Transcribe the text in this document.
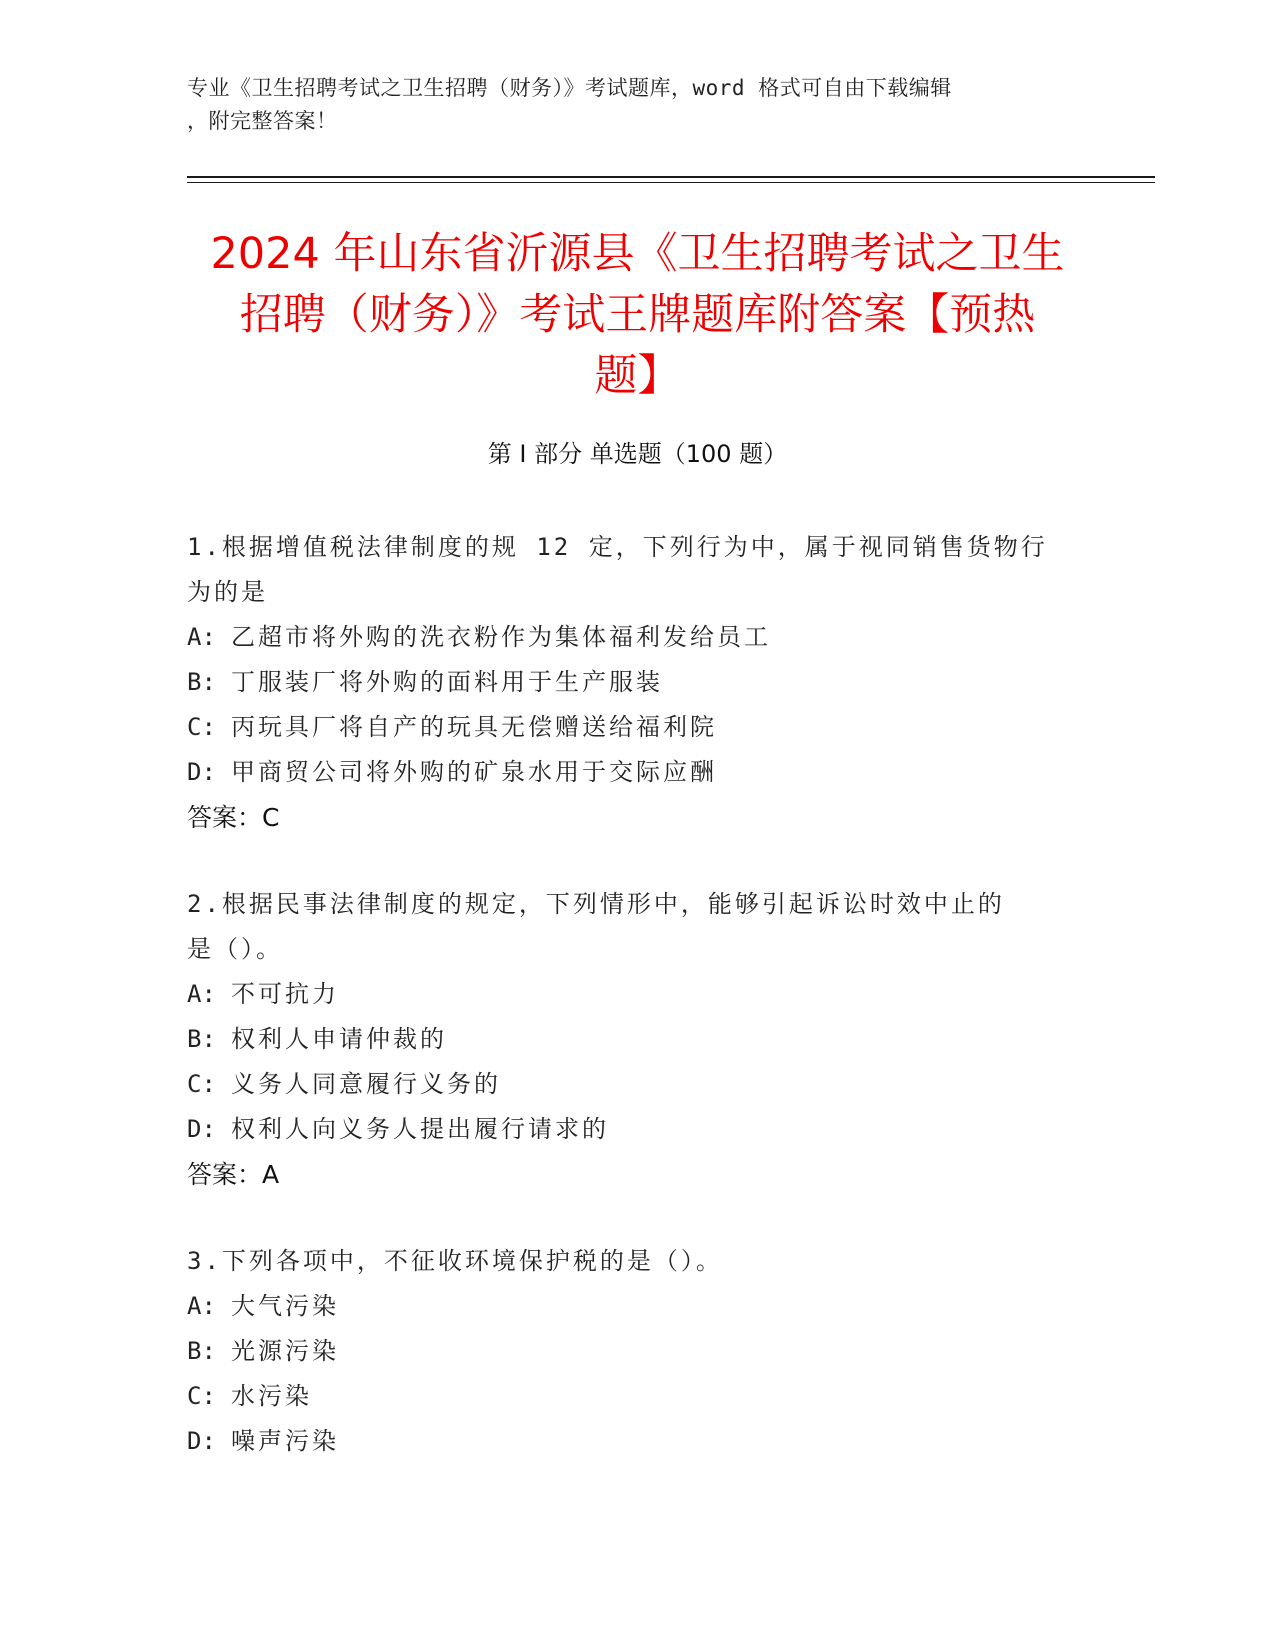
专业《卫生招聘考试之卫生招聘（财务）》考试题库，word 格式可自由下载编辑
，附完整答案！
2024 年山东省沂源县《卫生招聘考试之卫生
招聘（财务）》考试王牌题库附答案【预热
题】
第 I 部分 单选题（100 题）

1.根据增值税法律制度的规 12 定，下列行为中，属于视同销售货物行

为的是

A: 乙超市将外购的洗衣粉作为集体福利发给员工

B: 丁服装厂将外购的面料用于生产服装

C: 丙玩具厂将自产的玩具无偿赠送给福利院

D: 甲商贸公司将外购的矿泉水用于交际应酬

答案：C

2.根据民事法律制度的规定，下列情形中，能够引起诉讼时效中止的

是（）。

A: 不可抗力

B: 权利人申请仲裁的

C: 义务人同意履行义务的

D: 权利人向义务人提出履行请求的

答案：A

3.下列各项中，不征收环境保护税的是（）。

A: 大气污染

B: 光源污染

C: 水污染

D: 噪声污染
